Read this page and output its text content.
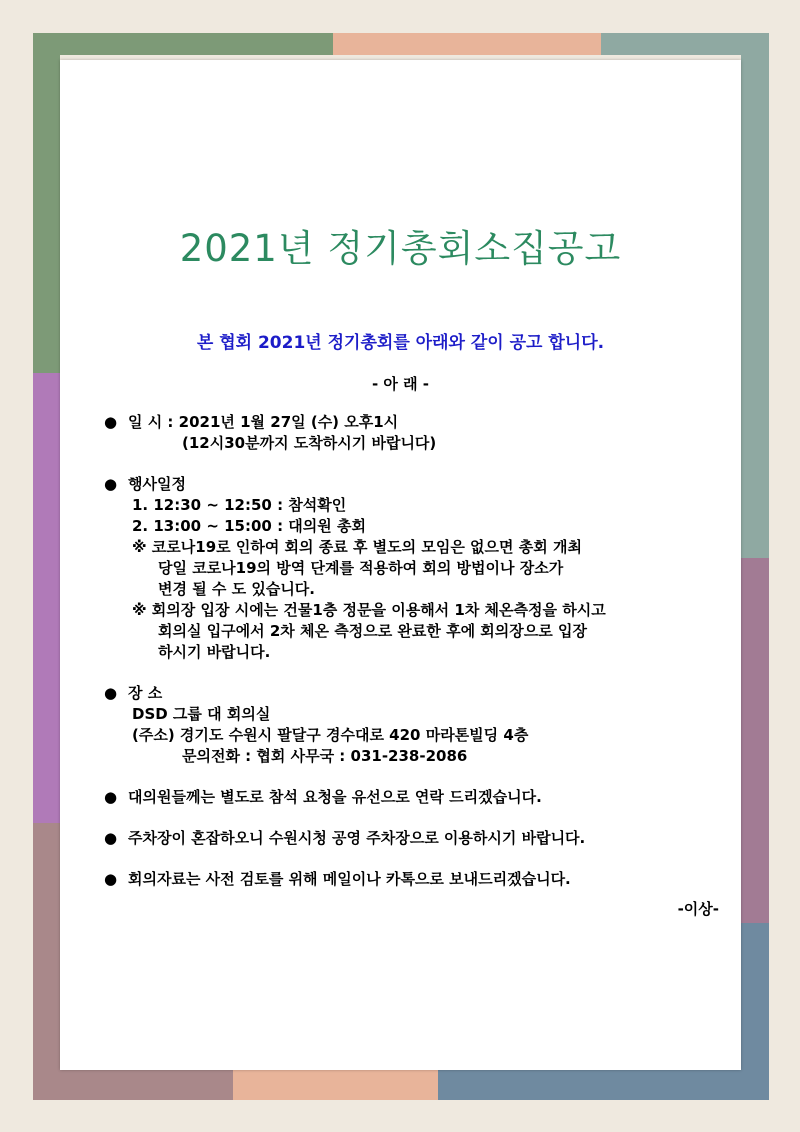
2021년 정기총회소집공고
본 협회 2021년 정기총회를 아래와 같이 공고 합니다.
- 아 래 -
● 일 시 : 2021년 1월 27일 (수) 오후1시
(12시30분까지 도착하시기 바랍니다)
● 행사일정
1. 12:30 ~ 12:50 : 참석확인
2. 13:00 ~ 15:00 : 대의원 총회
※ 코로나19로 인하여 회의 종료 후 별도의 모임은 없으면 총회 개최
당일 코로나19의 방역 단계를 적용하여 회의 방법이나 장소가
변경 될 수 도 있습니다.
※ 회의장 입장 시에는 건물1층 정문을 이용해서 1차 체온측정을 하시고
회의실 입구에서 2차 체온 측정으로 완료한 후에 회의장으로 입장
하시기 바랍니다.
● 장 소
DSD 그룹 대 회의실
(주소) 경기도 수원시 팔달구 경수대로 420 마라톤빌딩 4층
문의전화 : 협회 사무국 : 031-238-2086
● 대의원들께는 별도로 참석 요청을 유선으로 연락 드리겠습니다.
● 주차장이 혼잡하오니 수원시청 공영 주차장으로 이용하시기 바랍니다.
● 회의자료는 사전 검토를 위해 메일이나 카톡으로 보내드리겠습니다.
-이상-
